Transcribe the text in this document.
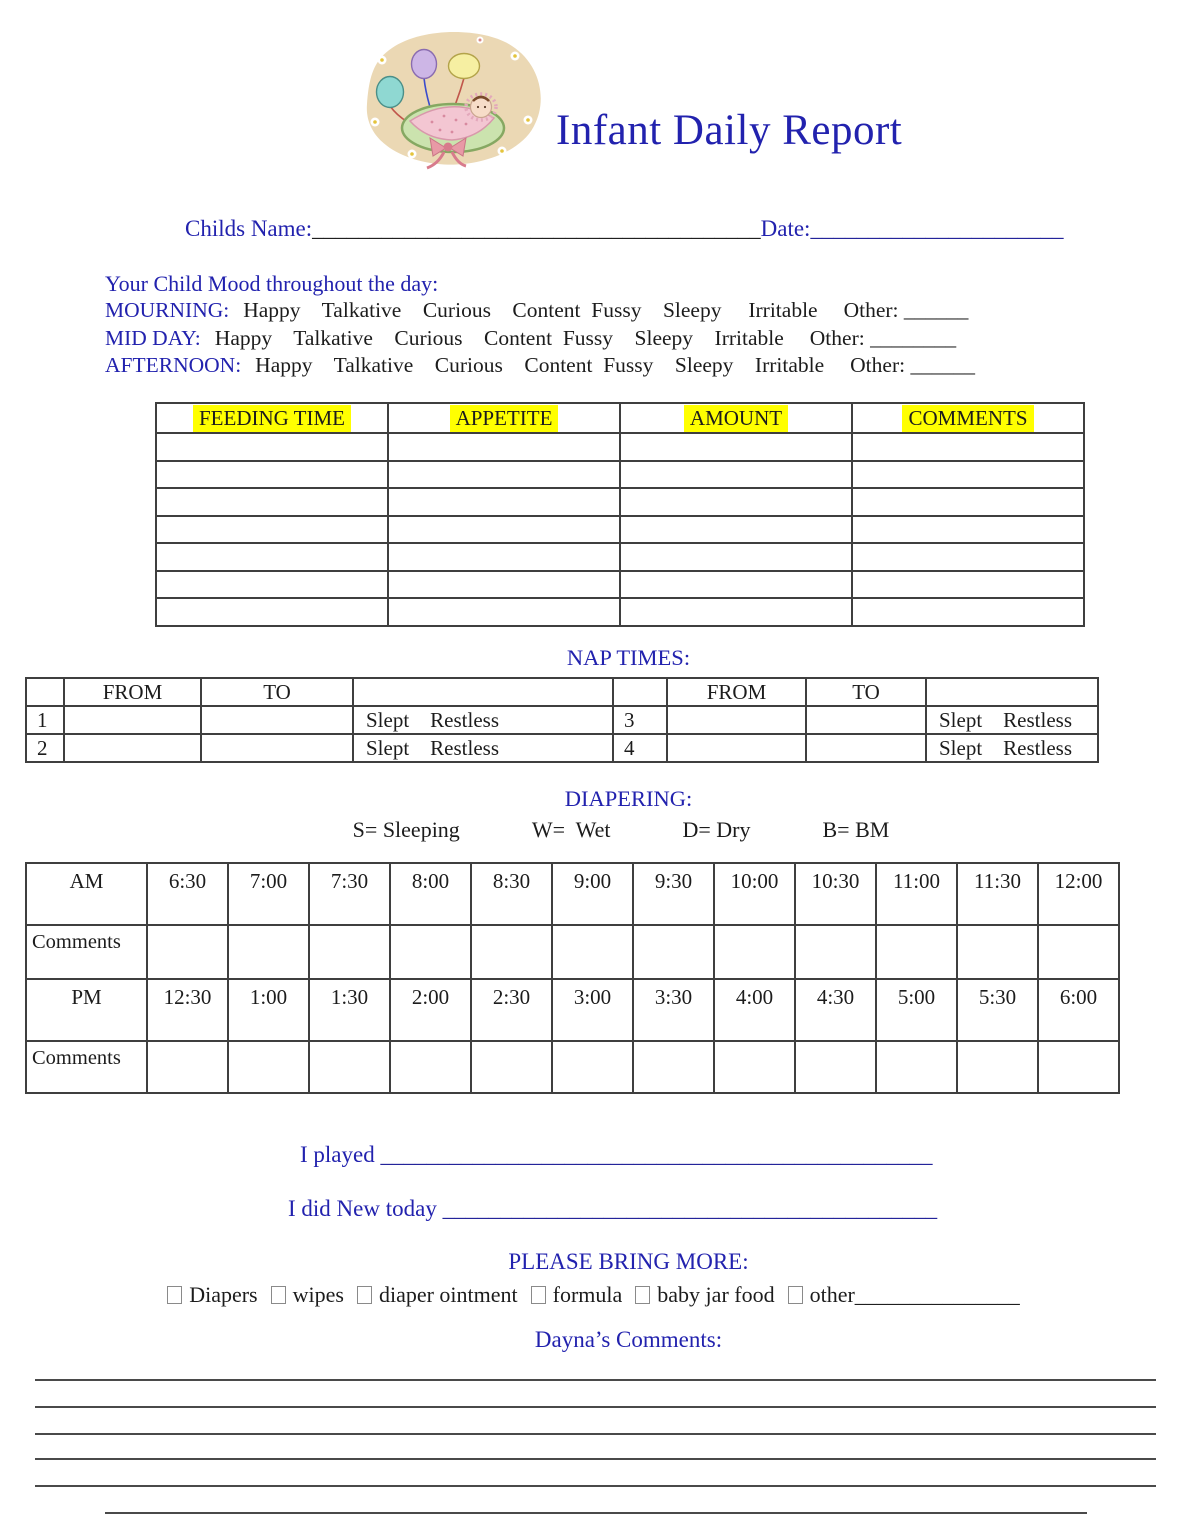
Infant Daily Report
Childs Name:_______________________________________Date:______________________
Your Child Mood throughout the day:
MOURNING: Happy    Talkative    Curious    Content  Fussy    Sleepy     Irritable Other: ______
MID DAY: Happy    Talkative    Curious    Content  Fussy    Sleepy    Irritable Other: ________
AFTERNOON: Happy    Talkative    Curious    Content  Fussy    Sleepy    Irritable Other: ______
FEEDING TIME	APPETITE	AMOUNT	COMMENTS

NAP TIMES:
	FROM	TO			FROM	TO	
1			Slept    Restless	3			Slept    Restless
2			Slept    Restless	4			Slept    Restless
DIAPERING:
S= Sleeping	W=  Wet	D= Dry	B= BM
AM	6:30	7:00	7:30	8:00	8:30	9:00	9:30	10:00	10:30	11:00	11:30	12:00
Comments												
PM	12:30	1:00	1:30	2:00	2:30	3:00	3:30	4:00	4:30	5:00	5:30	6:00
Comments												
I played ________________________________________________
I did New today ___________________________________________
PLEASE BRING MORE:
Diapers wipes diaper ointment formula baby jar food other _______________
Dayna’s Comments:
